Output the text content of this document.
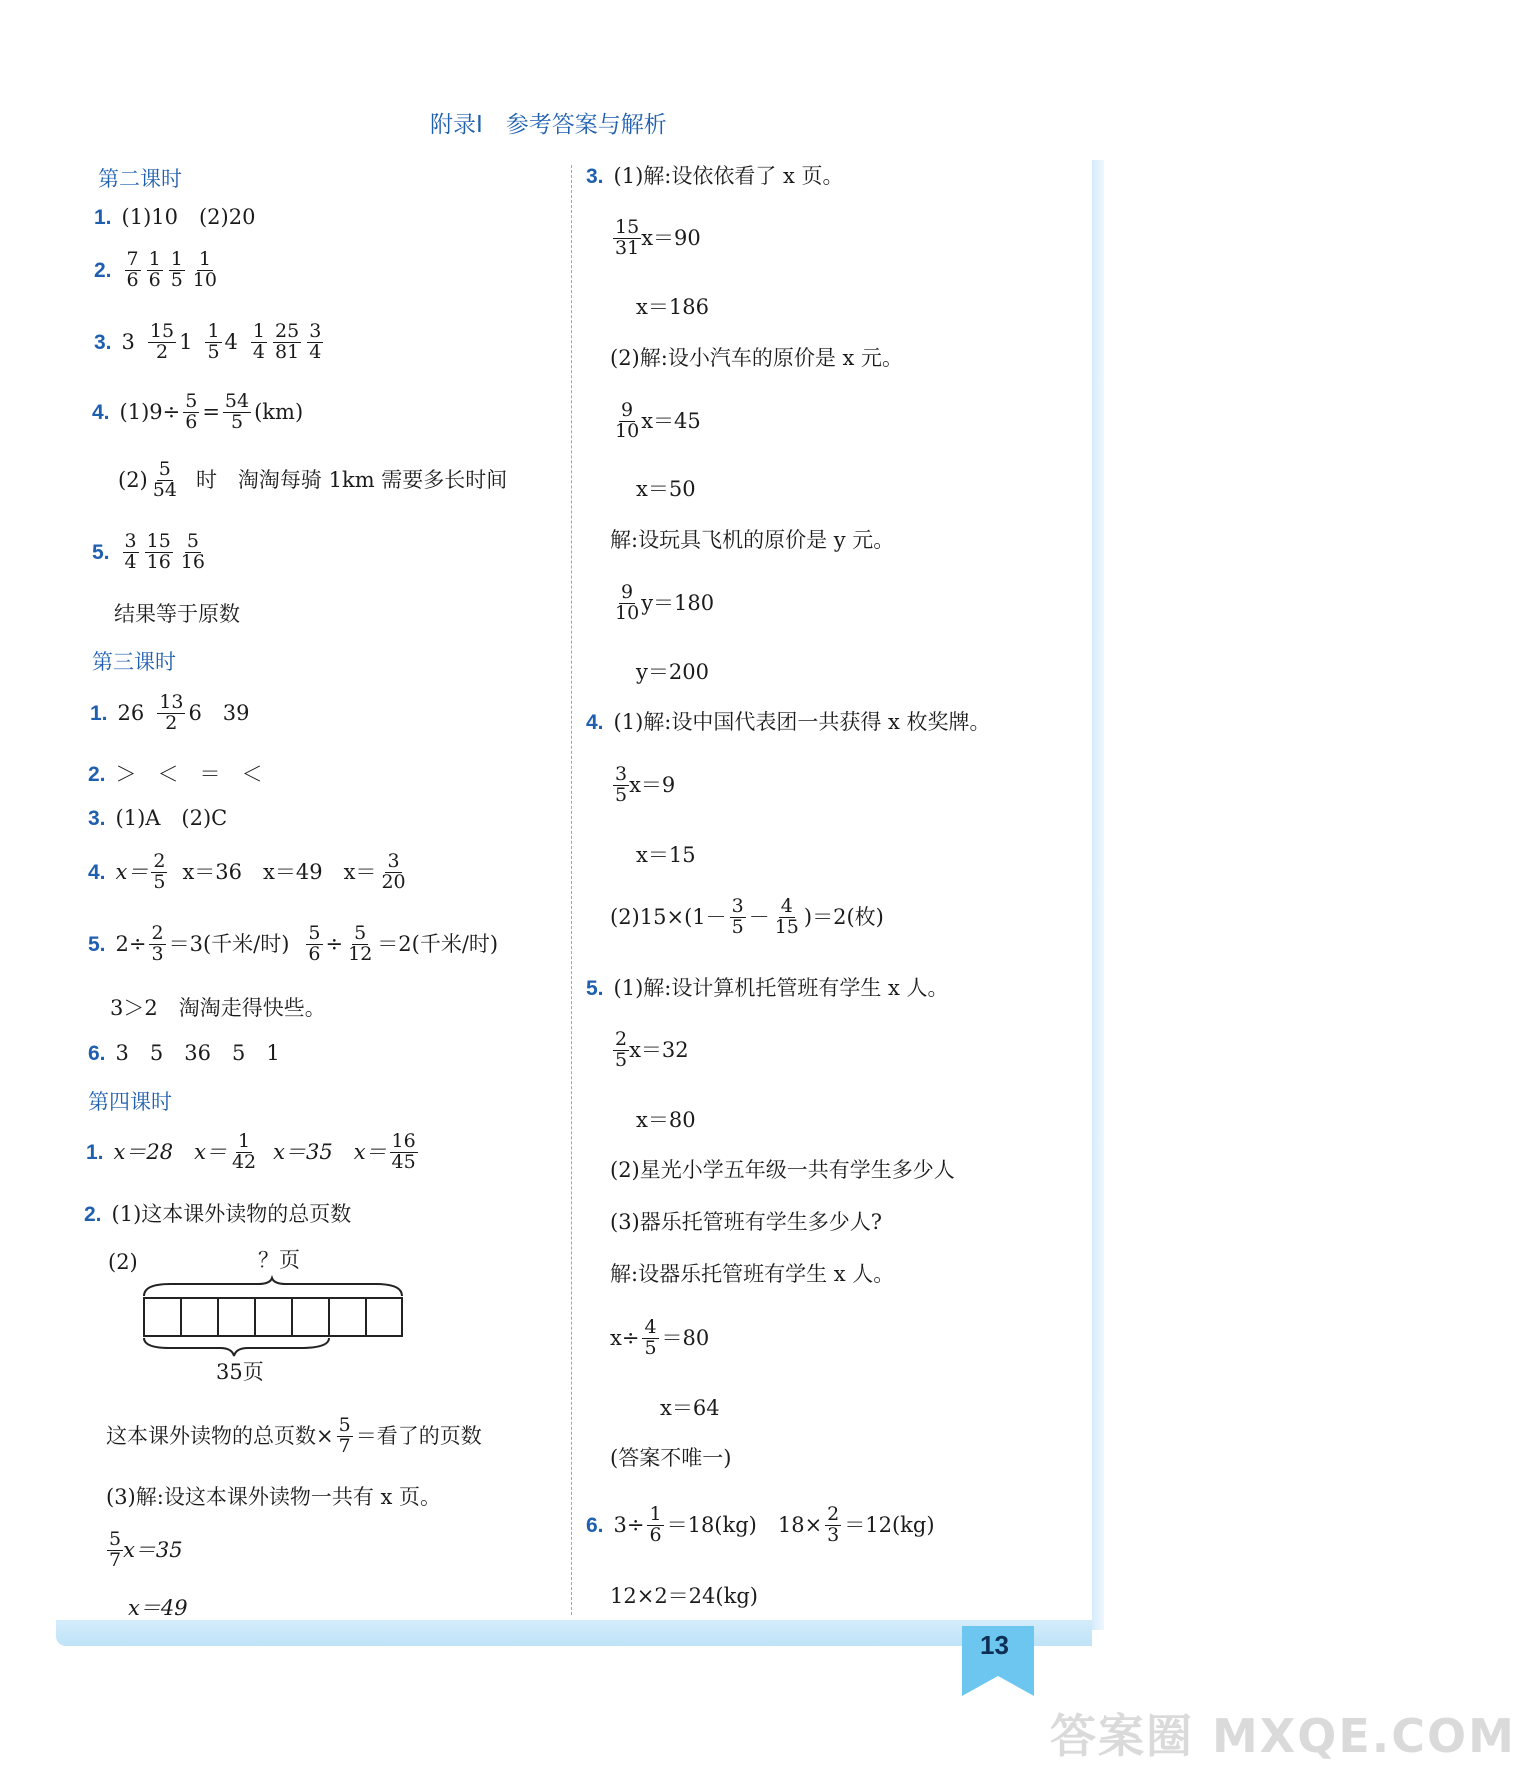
附录Ⅰ　参考答案与解析
第二课时
1. (1)10　(2)20
2. 7
6
1
6
1
5
1
10
3. 3 15
2 1 1
5 4 1
4
25
81
3
4
4. $(1)9\div \frac{5}{6} = \frac{54}{5} (km)$
(2) 5
54 时　淘淘每骑 1km 需要多长时间
5. 3
4
15
16
5
16
结果等于原数
第三课时
1. 26 13
2 6　39
2. ＞　＜　＝　＜
3. (1)A　(2)C
4. x＝ 2
5 x＝36　x＝49　x＝ 3
20
5. $2\div \frac{2}{3} =3$(千米/时) $\frac{5}{6} \div \frac{5}{12} =2$(千米/时)
3＞2　淘淘走得快些。
6. 3　5　36　5　1
第四课时
1. x＝28　x＝ 1
42 x＝35　x＝ 16
45
2. (1)这本课外读物的总页数
(2)	？页
35页
这本课外读物的总页数× $\frac{5}{7}$ ＝看了的页数
(3)解:设这本课外读物一共有 x 页。
5
7 x＝35
x＝49
3. (1)解:设依依看了 x 页。
15
31 x＝90
x＝186
(2)解:设小汽车的原价是 x 元。
9
10 x＝45
x＝50
解:设玩具飞机的原价是 y 元。
9
10 y＝180
y＝200
4. (1)解:设中国代表团一共获得 x 枚奖牌。
3
5 x＝9
x＝15
(2)15×(1－ 3
5 － 4
15 )＝2(枚)
5. (1)解:设计算机托管班有学生 x 人。
2
5 x＝32
x＝80
(2)星光小学五年级一共有学生多少人
(3)器乐托管班有学生多少人?
解:设器乐托管班有学生 x 人。
$x\div \frac{4}{5} =80$
x＝64
(答案不唯一)
6. $3\div \frac{1}{6} =18(kg)$　$18\times \frac{2}{3} =12(kg)$
12×2＝24(kg)
13
答案圈 MXQE.COM
